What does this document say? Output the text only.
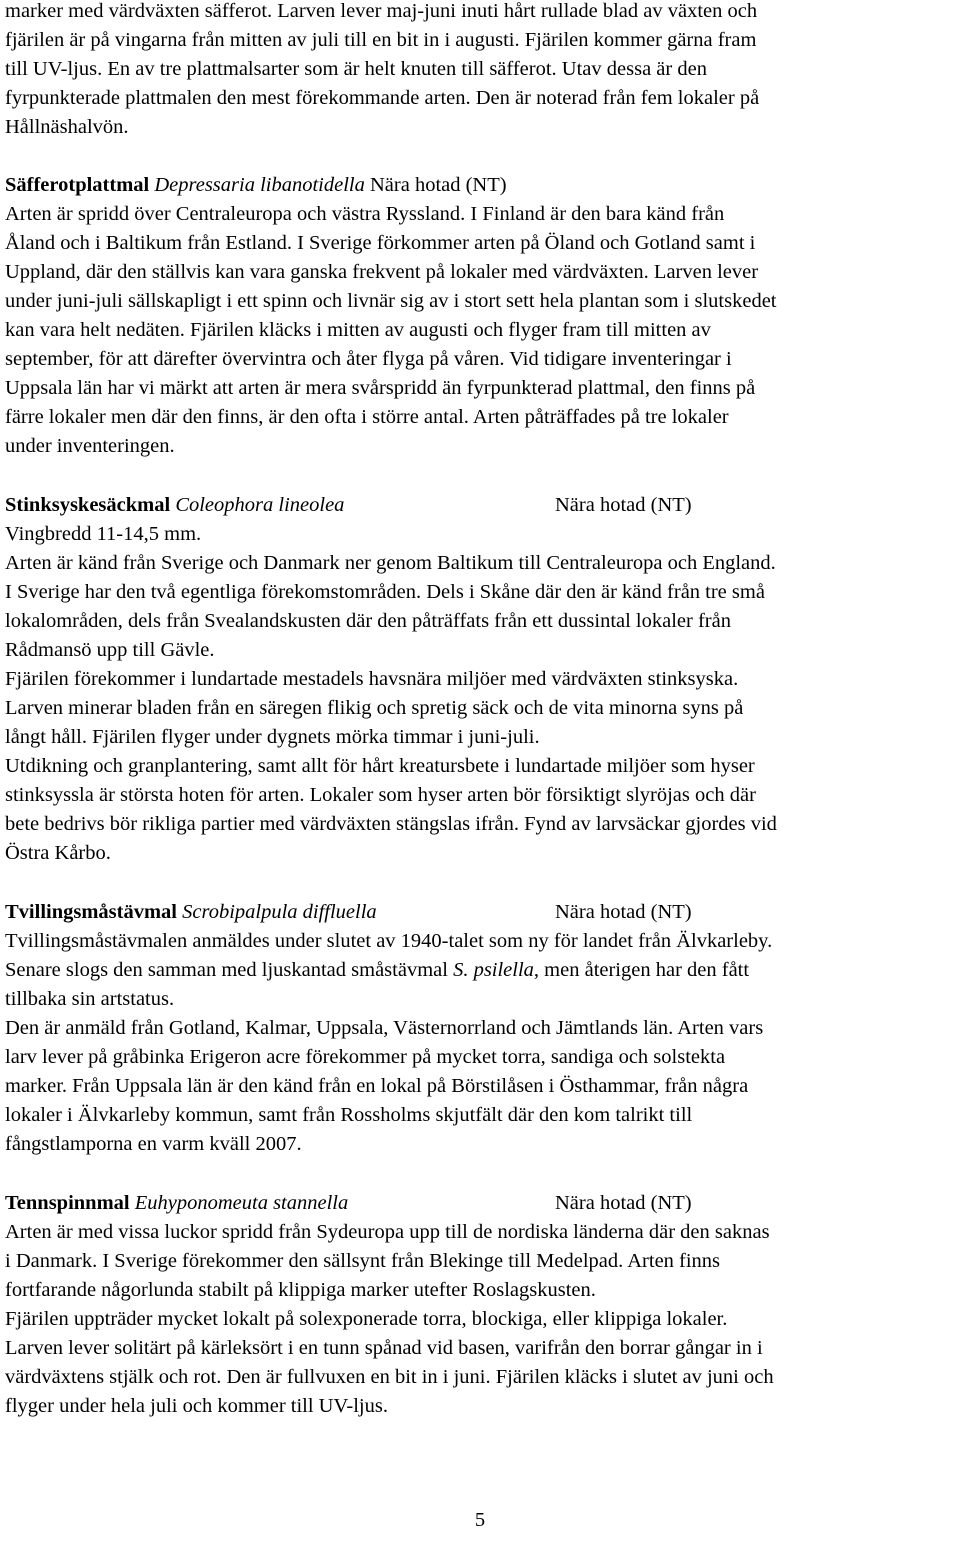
marker med värdväxten säfferot. Larven lever maj-juni inuti hårt rullade blad av växten och
fjärilen är på vingarna från mitten av juli till en bit in i augusti. Fjärilen kommer gärna fram
till UV-ljus. En av tre plattmalsarter som är helt knuten till säfferot. Utav dessa är den
fyrpunkterade plattmalen den mest förekommande arten. Den är noterad från fem lokaler på
Hållnäshalvön.
Säfferotplattmal Depressaria libanotidella Nära hotad (NT)
Arten är spridd över Centraleuropa och västra Ryssland. I Finland är den bara känd från
Åland och i Baltikum från Estland. I Sverige förkommer arten på Öland och Gotland samt i
Uppland, där den ställvis kan vara ganska frekvent på lokaler med värdväxten. Larven lever
under juni-juli sällskapligt i ett spinn och livnär sig av i stort sett hela plantan som i slutskedet
kan vara helt nedäten. Fjärilen kläcks i mitten av augusti och flyger fram till mitten av
september, för att därefter övervintra och åter flyga på våren. Vid tidigare inventeringar i
Uppsala län har vi märkt att arten är mera svårspridd än fyrpunkterad plattmal, den finns på
färre lokaler men där den finns, är den ofta i större antal. Arten påträffades på tre lokaler
under inventeringen.
Stinksyskesäckmal Coleophora lineolea	Nära hotad (NT)
Vingbredd 11-14,5 mm.
Arten är känd från Sverige och Danmark ner genom Baltikum till Centraleuropa och England.
I Sverige har den två egentliga förekomstområden. Dels i Skåne där den är känd från tre små
lokalområden, dels från Svealandskusten där den påträffats från ett dussintal lokaler från
Rådmansö upp till Gävle.
Fjärilen förekommer i lundartade mestadels havsnära miljöer med värdväxten stinksyska.
Larven minerar bladen från en säregen flikig och spretig säck och de vita minorna syns på
långt håll. Fjärilen flyger under dygnets mörka timmar i juni-juli.
Utdikning och granplantering, samt allt för hårt kreatursbete i lundartade miljöer som hyser
stinksyssla är största hoten för arten. Lokaler som hyser arten bör försiktigt slyröjas och där
bete bedrivs bör rikliga partier med värdväxten stängslas ifrån. Fynd av larvsäckar gjordes vid
Östra Kårbo.
Tvillingsmåstävmal Scrobipalpula diffluella	Nära hotad (NT)
Tvillingsmåstävmalen anmäldes under slutet av 1940-talet som ny för landet från Älvkarleby.
Senare slogs den samman med ljuskantad småstävmal S. psilella, men återigen har den fått
tillbaka sin artstatus.
Den är anmäld från Gotland, Kalmar, Uppsala, Västernorrland och Jämtlands län. Arten vars
larv lever på gråbinka Erigeron acre förekommer på mycket torra, sandiga och solstekta
marker. Från Uppsala län är den känd från en lokal på Börstilåsen i Östhammar, från några
lokaler i Älvkarleby kommun, samt från Rossholms skjutfält där den kom talrikt till
fångstlamporna en varm kväll 2007.
Tennspinnmal Euhyponomeuta stannella	Nära hotad (NT)
Arten är med vissa luckor spridd från Sydeuropa upp till de nordiska länderna där den saknas
i Danmark. I Sverige förekommer den sällsynt från Blekinge till Medelpad. Arten finns
fortfarande någorlunda stabilt på klippiga marker utefter Roslagskusten.
Fjärilen uppträder mycket lokalt på solexponerade torra, blockiga, eller klippiga lokaler.
Larven lever solitärt på kärleksört i en tunn spånad vid basen, varifrån den borrar gångar in i
värdväxtens stjälk och rot. Den är fullvuxen en bit in i juni. Fjärilen kläcks i slutet av juni och
flyger under hela juli och kommer till UV-ljus.
5
